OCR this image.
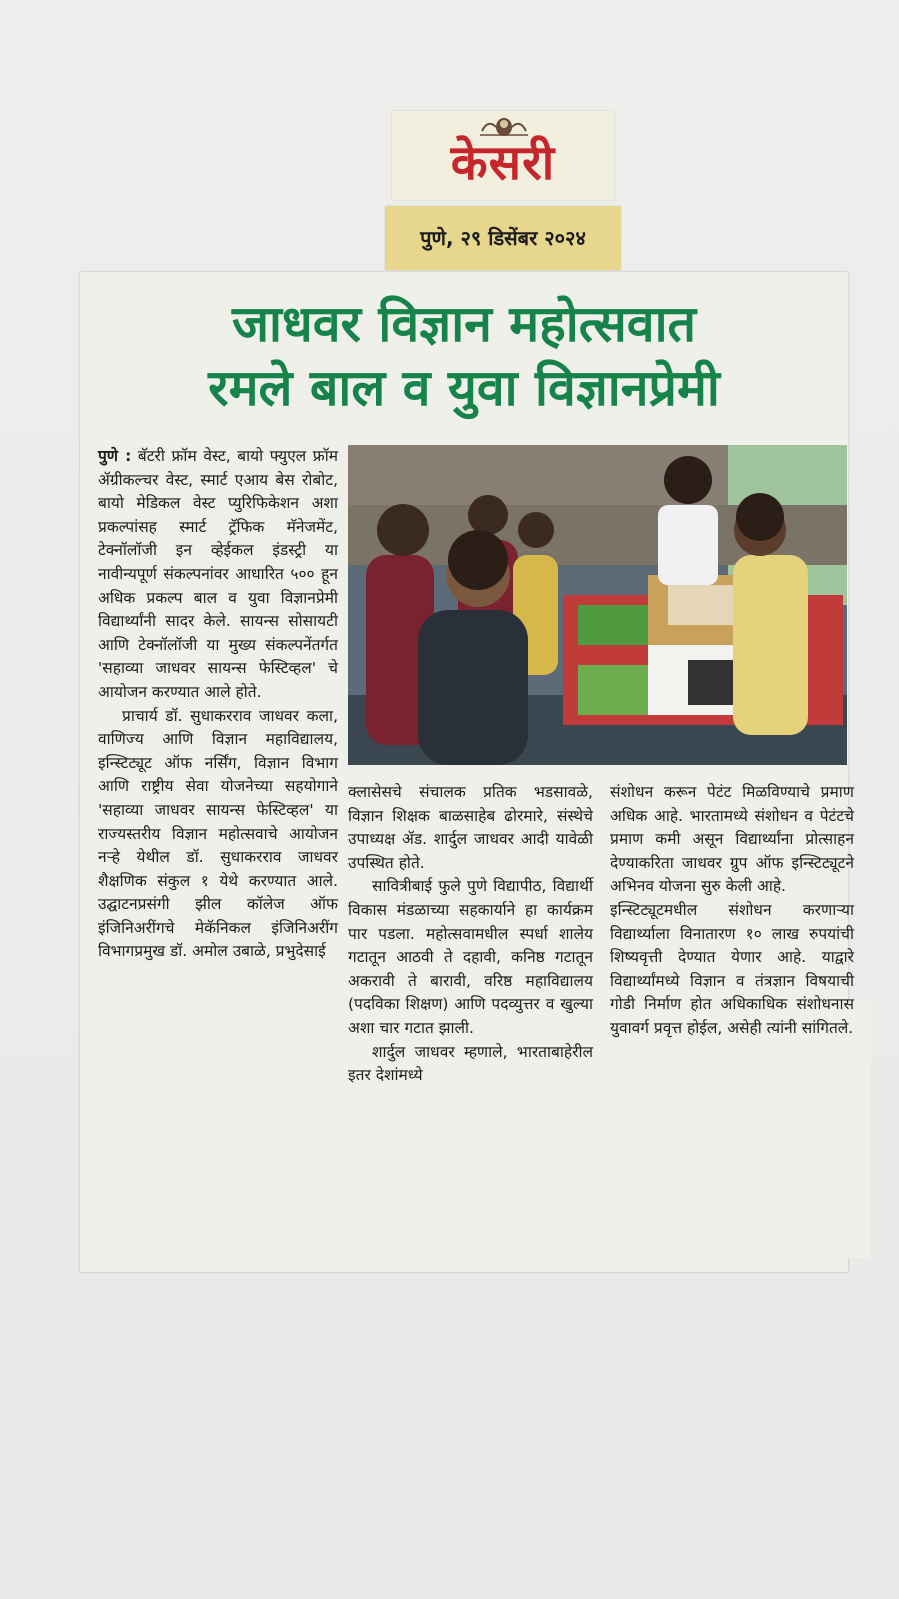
केसरी
पुणे, २९ डिसेंबर २०२४
जाधवर विज्ञान महोत्सवात
रमले बाल व युवा विज्ञानप्रेमी

पुणे : बॅटरी फ्रॉम वेस्ट, बायो फ्युएल फ्रॉम ॲग्रीकल्चर वेस्ट, स्मार्ट एआय बेस रोबोट, बायो मेडिकल वेस्ट प्युरिफिकेशन अशा प्रकल्पांसह स्मार्ट ट्रॅफिक मॅनेजमेंट, टेक्नॉलॉजी इन व्हेईकल इंडस्ट्री या नावीन्यपूर्ण संकल्पनांवर आधारित ५०० हून अधिक प्रकल्प बाल व युवा विज्ञानप्रेमी विद्यार्थ्यांनी सादर केले. सायन्स सोसायटी आणि टेक्नॉलॉजी या मुख्य संकल्पनेंतर्गत 'सहाव्या जाधवर सायन्स फेस्टिव्हल' चे आयोजन करण्यात आले होते.

प्राचार्य डॉ. सुधाकरराव जाधवर कला, वाणिज्य आणि विज्ञान महाविद्यालय, इन्स्टिट्यूट ऑफ नर्सिंग, विज्ञान विभाग आणि राष्ट्रीय सेवा योजनेच्या सहयोगाने 'सहाव्या जाधवर सायन्स फेस्टिव्हल' या राज्यस्तरीय विज्ञान महोत्सवाचे आयोजन नऱ्हे येथील डॉ. सुधाकरराव जाधवर शैक्षणिक संकुल १ येथे करण्यात आले. उद्घाटनप्रसंगी झील कॉलेज ऑफ इंजिनिअरींगचे मेकॅनिकल इंजिनिअरींग विभागप्रमुख डॉ. अमोल उबाळे, प्रभुदेसाई

क्लासेसचे संचालक प्रतिक भडसावळे, विज्ञान शिक्षक बाळसाहेब ढोरमारे, संस्थेचे उपाध्यक्ष ॲड. शार्दुल जाधवर आदी यावेळी उपस्थित होते.

सावित्रीबाई फुले पुणे विद्यापीठ, विद्यार्थी विकास मंडळाच्या सहकार्याने हा कार्यक्रम पार पडला. महोत्सवामधील स्पर्धा शालेय गटातून आठवी ते दहावी, कनिष्ठ गटातून अकरावी ते बारावी, वरिष्ठ महाविद्यालय (पदविका शिक्षण) आणि पदव्युत्तर व खुल्या अशा चार गटात झाली.

शार्दुल जाधवर म्हणाले, भारताबाहेरील इतर देशांमध्ये

संशोधन करून पेटंट मिळविण्याचे प्रमाण अधिक आहे. भारतामध्ये संशोधन व पेटंटचे प्रमाण कमी असून विद्यार्थ्यांना प्रोत्साहन देण्याकरिता जाधवर ग्रुप ऑफ इन्स्टिट्यूटने अभिनव योजना सुरु केली आहे.

इन्स्टिट्यूटमधील संशोधन करणाऱ्या विद्यार्थ्याला विनातारण १० लाख रुपयांची शिष्यवृत्ती देण्यात येणार आहे. याद्वारे विद्यार्थ्यांमध्ये विज्ञान व तंत्रज्ञान विषयाची गोडी निर्माण होत अधिकाधिक संशोधनास युवावर्ग प्रवृत्त होईल, असेही त्यांनी सांगितले.
